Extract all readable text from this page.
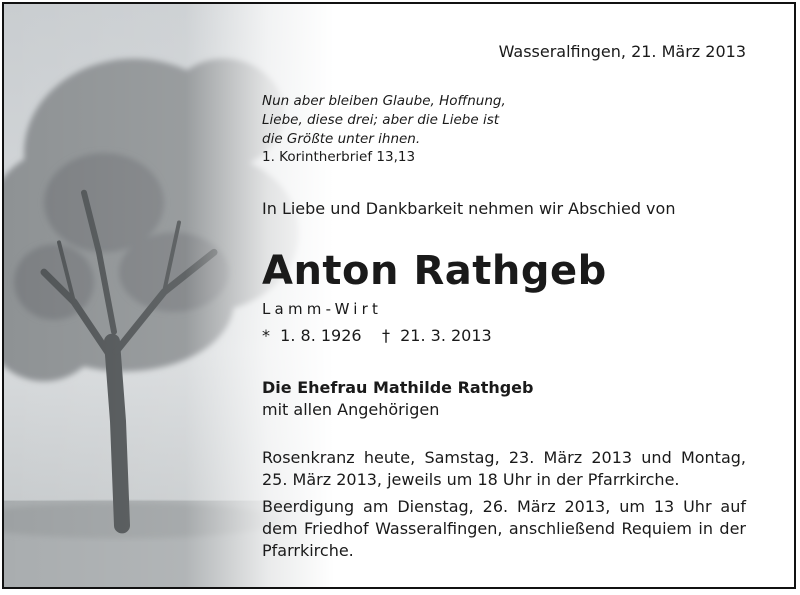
Wasseralfingen, 21. März 2013
Nun aber bleiben Glaube, Hoffnung,
Liebe, diese drei; aber die Liebe ist
die Größte unter ihnen.
1. Korintherbrief 13,13
In Liebe und Dankbarkeit nehmen wir Abschied von
Anton Rathgeb
Lamm-Wirt
*  1. 8. 1926    †  21. 3. 2013
Die Ehefrau Mathilde Rathgeb
mit allen Angehörigen
Rosenkranz heute, Samstag, 23. März 2013 und Montag, 25. März 2013, jeweils um 18 Uhr in der Pfarrkirche.
Beerdigung am Dienstag, 26. März 2013, um 13 Uhr auf dem Friedhof Wasseralfingen, anschließend Requiem in der Pfarrkirche.
